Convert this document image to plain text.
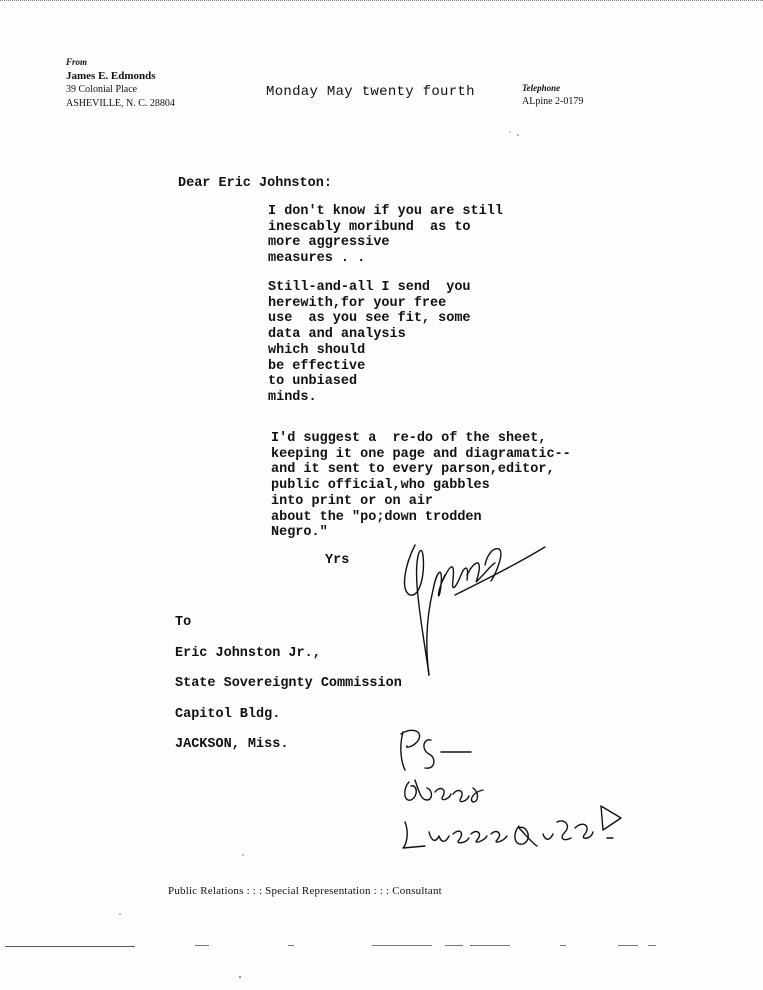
From
James E. Edmonds
39 Colonial Place
ASHEVILLE, N. C. 28804
Monday May twenty fourth	Telephone
ALpine 2-0179
Dear Eric Johnston:
I don't know if you are still
inescably moribund  as to
more aggressive
measures . .
Still-and-all I send  you
herewith,for your free
use  as you see fit, some
data and analysis
which should
be effective
to unbiased
minds.
I'd suggest a  re-do of the sheet,
keeping it one page and diagramatic--
and it sent to every parson,editor,
public official,who gabbles
into print or on air
about the "po;down trodden
Negro."
Yrs
To
Eric Johnston Jr.,
State Sovereignty Commission
Capitol Bldg.
JACKSON, Miss.
Public Relations : : : Special Representation : : : Consultant
